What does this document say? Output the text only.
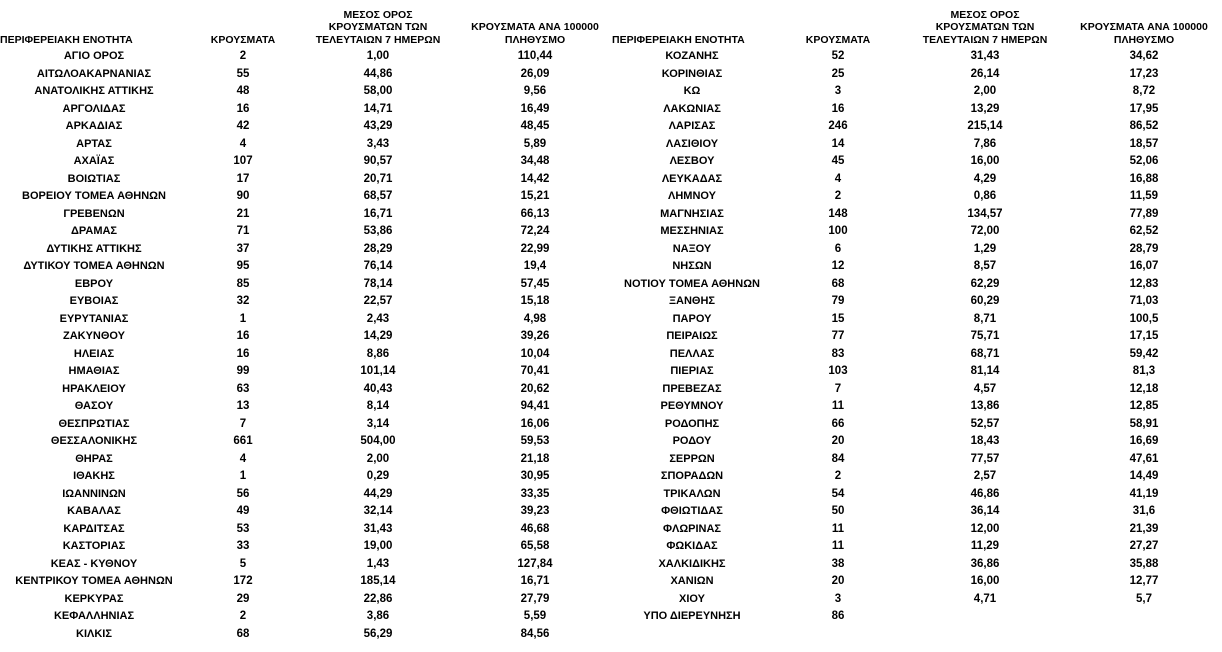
ΠΕΡΙΦΕΡΕΙΑΚΗ ΕΝΟΤΗΤΑ	ΚΡΟΥΣΜΑΤΑ	ΜΕΣΟΣ ΟΡΟΣ
ΚΡΟΥΣΜΑΤΩΝ ΤΩΝ
ΤΕΛΕΥΤΑΙΩΝ 7 ΗΜΕΡΩΝ	ΚΡΟΥΣΜΑΤΑ ΑΝΑ 100000
ΠΛΗΘΥΣΜΟ
ΑΓΙΟ ΟΡΟΣ	2	1,00	110,44
ΑΙΤΩΛΟΑΚΑΡΝΑΝΙΑΣ	55	44,86	26,09
ΑΝΑΤΟΛΙΚΗΣ ΑΤΤΙΚΗΣ	48	58,00	9,56
ΑΡΓΟΛΙΔΑΣ	16	14,71	16,49
ΑΡΚΑΔΙΑΣ	42	43,29	48,45
ΑΡΤΑΣ	4	3,43	5,89
ΑΧΑΪΑΣ	107	90,57	34,48
ΒΟΙΩΤΙΑΣ	17	20,71	14,42
ΒΟΡΕΙΟΥ ΤΟΜΕΑ ΑΘΗΝΩΝ	90	68,57	15,21
ΓΡΕΒΕΝΩΝ	21	16,71	66,13
ΔΡΑΜΑΣ	71	53,86	72,24
ΔΥΤΙΚΗΣ ΑΤΤΙΚΗΣ	37	28,29	22,99
ΔΥΤΙΚΟΥ ΤΟΜΕΑ ΑΘΗΝΩΝ	95	76,14	19,4
ΕΒΡΟΥ	85	78,14	57,45
ΕΥΒΟΙΑΣ	32	22,57	15,18
ΕΥΡΥΤΑΝΙΑΣ	1	2,43	4,98
ΖΑΚΥΝΘΟΥ	16	14,29	39,26
ΗΛΕΙΑΣ	16	8,86	10,04
ΗΜΑΘΙΑΣ	99	101,14	70,41
ΗΡΑΚΛΕΙΟΥ	63	40,43	20,62
ΘΑΣΟΥ	13	8,14	94,41
ΘΕΣΠΡΩΤΙΑΣ	7	3,14	16,06
ΘΕΣΣΑΛΟΝΙΚΗΣ	661	504,00	59,53
ΘΗΡΑΣ	4	2,00	21,18
ΙΘΑΚΗΣ	1	0,29	30,95
ΙΩΑΝΝΙΝΩΝ	56	44,29	33,35
ΚΑΒΑΛΑΣ	49	32,14	39,23
ΚΑΡΔΙΤΣΑΣ	53	31,43	46,68
ΚΑΣΤΟΡΙΑΣ	33	19,00	65,58
ΚΕΑΣ - ΚΥΘΝΟΥ	5	1,43	127,84
ΚΕΝΤΡΙΚΟΥ ΤΟΜΕΑ ΑΘΗΝΩΝ	172	185,14	16,71
ΚΕΡΚΥΡΑΣ	29	22,86	27,79
ΚΕΦΑΛΛΗΝΙΑΣ	2	3,86	5,59
ΚΙΛΚΙΣ	68	56,29	84,56
ΠΕΡΙΦΕΡΕΙΑΚΗ ΕΝΟΤΗΤΑ	ΚΡΟΥΣΜΑΤΑ	ΜΕΣΟΣ ΟΡΟΣ
ΚΡΟΥΣΜΑΤΩΝ ΤΩΝ
ΤΕΛΕΥΤΑΙΩΝ 7 ΗΜΕΡΩΝ	ΚΡΟΥΣΜΑΤΑ ΑΝΑ 100000
ΠΛΗΘΥΣΜΟ
ΚΟΖΑΝΗΣ	52	31,43	34,62
ΚΟΡΙΝΘΙΑΣ	25	26,14	17,23
ΚΩ	3	2,00	8,72
ΛΑΚΩΝΙΑΣ	16	13,29	17,95
ΛΑΡΙΣΑΣ	246	215,14	86,52
ΛΑΣΙΘΙΟΥ	14	7,86	18,57
ΛΕΣΒΟΥ	45	16,00	52,06
ΛΕΥΚΑΔΑΣ	4	4,29	16,88
ΛΗΜΝΟΥ	2	0,86	11,59
ΜΑΓΝΗΣΙΑΣ	148	134,57	77,89
ΜΕΣΣΗΝΙΑΣ	100	72,00	62,52
ΝΑΞΟΥ	6	1,29	28,79
ΝΗΣΩΝ	12	8,57	16,07
ΝΟΤΙΟΥ ΤΟΜΕΑ ΑΘΗΝΩΝ	68	62,29	12,83
ΞΑΝΘΗΣ	79	60,29	71,03
ΠΑΡΟΥ	15	8,71	100,5
ΠΕΙΡΑΙΩΣ	77	75,71	17,15
ΠΕΛΛΑΣ	83	68,71	59,42
ΠΙΕΡΙΑΣ	103	81,14	81,3
ΠΡΕΒΕΖΑΣ	7	4,57	12,18
ΡΕΘΥΜΝΟΥ	11	13,86	12,85
ΡΟΔΟΠΗΣ	66	52,57	58,91
ΡΟΔΟΥ	20	18,43	16,69
ΣΕΡΡΩΝ	84	77,57	47,61
ΣΠΟΡΑΔΩΝ	2	2,57	14,49
ΤΡΙΚΑΛΩΝ	54	46,86	41,19
ΦΘΙΩΤΙΔΑΣ	50	36,14	31,6
ΦΛΩΡΙΝΑΣ	11	12,00	21,39
ΦΩΚΙΔΑΣ	11	11,29	27,27
ΧΑΛΚΙΔΙΚΗΣ	38	36,86	35,88
ΧΑΝΙΩΝ	20	16,00	12,77
ΧΙΟΥ	3	4,71	5,7
ΥΠΟ ΔΙΕΡΕΥΝΗΣΗ	86		
